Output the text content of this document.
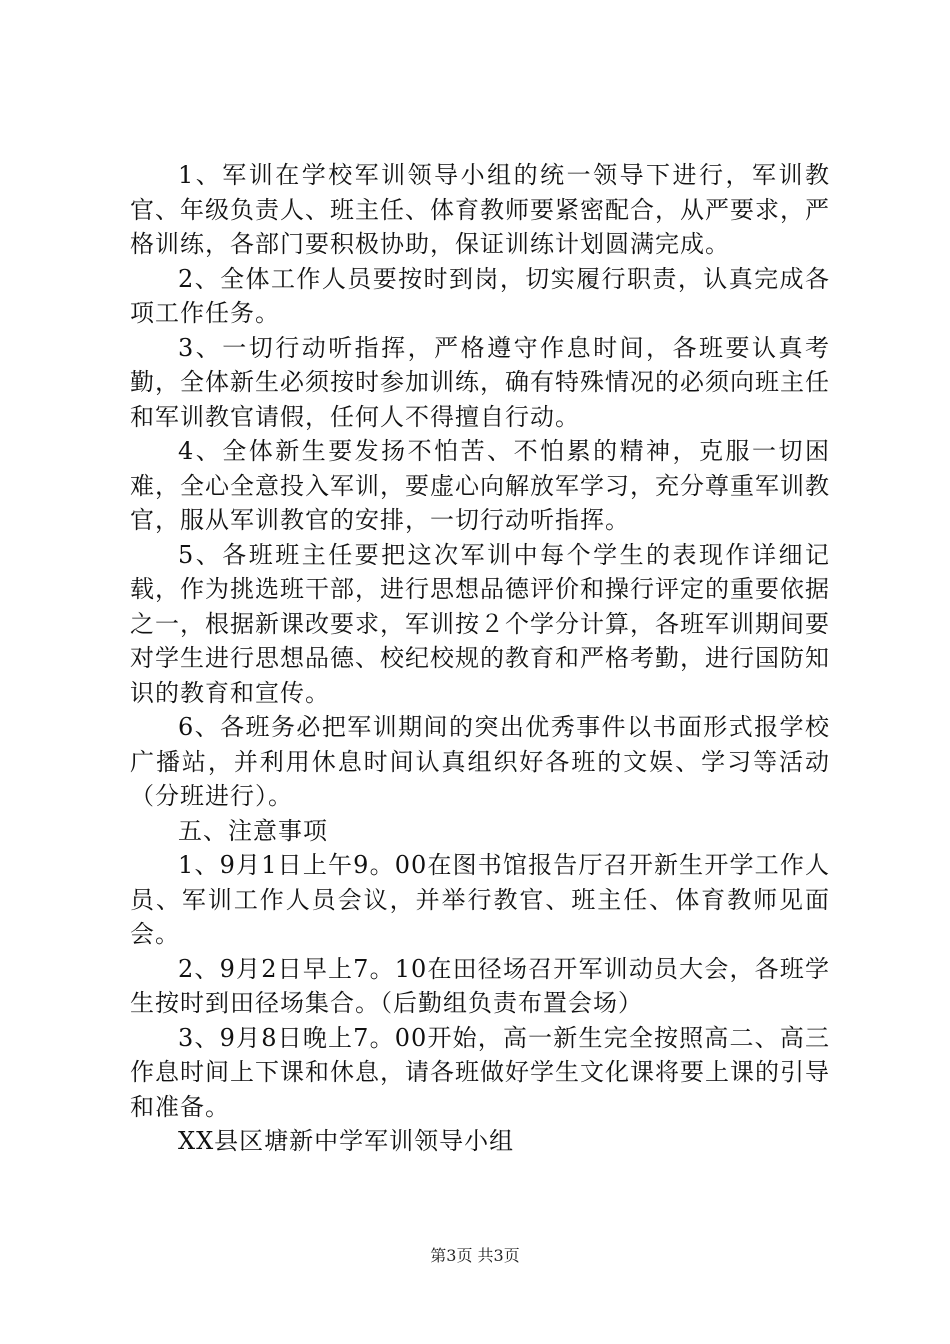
1、军训在学校军训领导小组的统一领导下进行，军训教官、年级负责人、班主任、体育教师要紧密配合，从严要求，严格训练，各部门要积极协助，保证训练计划圆满完成。

2、全体工作人员要按时到岗，切实履行职责，认真完成各项工作任务。

3、一切行动听指挥，严格遵守作息时间，各班要认真考勤，全体新生必须按时参加训练，确有特殊情况的必须向班主任和军训教官请假，任何人不得擅自行动。

4、全体新生要发扬不怕苦、不怕累的精神，克服一切困难，全心全意投入军训，要虚心向解放军学习，充分尊重军训教官，服从军训教官的安排，一切行动听指挥。

5、各班班主任要把这次军训中每个学生的表现作详细记载，作为挑选班干部，进行思想品德评价和操行评定的重要依据之一，根据新课改要求，军训按２个学分计算，各班军训期间要对学生进行思想品德、校纪校规的教育和严格考勤，进行国防知识的教育和宣传。

6、各班务必把军训期间的突出优秀事件以书面形式报学校广播站，并利用休息时间认真组织好各班的文娱、学习等活动（分班进行）。

五、注意事项

1、9月1日上午9。00在图书馆报告厅召开新生开学工作人员、军训工作人员会议，并举行教官、班主任、体育教师见面会。

2、9月2日早上7。10在田径场召开军训动员大会，各班学生按时到田径场集合。（后勤组负责布置会场）

3、9月8日晚上7。00开始，高一新生完全按照高二、高三作息时间上下课和休息，请各班做好学生文化课将要上课的引导和准备。

XX县区塘新中学军训领导小组

第3页 共3页
